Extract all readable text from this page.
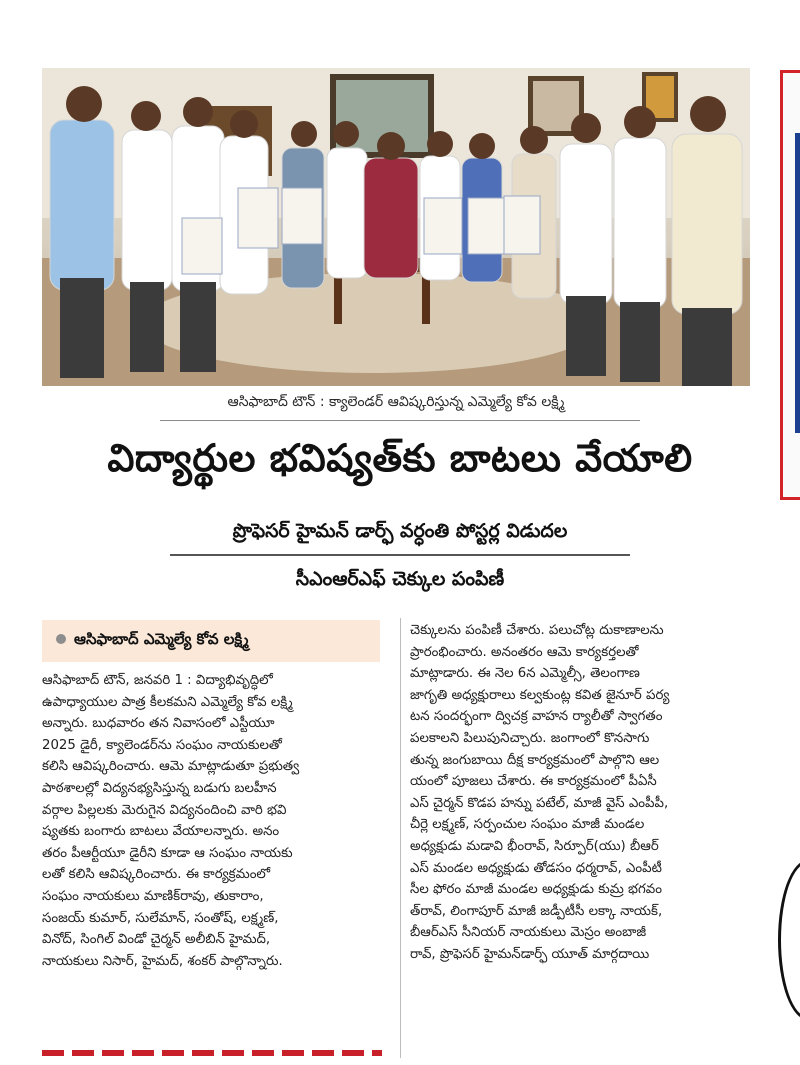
ఆసిఫాబాద్ టౌన్ : క్యాలెండర్ ఆవిష్కరిస్తున్న ఎమ్మెల్యే కోవ లక్ష్మి
విద్యార్థుల భవిష్యత్‌కు బాటలు వేయాలి
ప్రొఫెసర్ హైమన్ డార్ఫ్ వర్ధంతి పోస్టర్ల విడుదల
సీఎంఆర్‌ఎఫ్ చెక్కుల పంపిణీ
ఆసిఫాబాద్ ఎమ్మెల్యే కోవ లక్ష్మి
ఆసిఫాబాద్ టౌన్, జనవరి 1 : విద్యాభివృద్ధిలో
ఉపాధ్యాయుల పాత్ర కీలకమని ఎమ్మెల్యే కోవ లక్ష్మి
అన్నారు. బుధవారం తన నివాసంలో ఎస్టీయూ
2025 డైరీ, క్యాలెండర్‌ను సంఘం నాయకులతో
కలిసి ఆవిష్కరించారు. ఆమె మాట్లాడుతూ ప్రభుత్వ
పాఠశాలల్లో విద్యనభ్యసిస్తున్న బడుగు బలహీన
వర్గాల పిల్లలకు మెరుగైన విద్యనందించి వారి భవి
ష్యతకు బంగారు బాటలు వేయాలన్నారు. అనం
తరం పీఆర్టీయూ డైరీని కూడా ఆ సంఘం నాయకు
లతో కలిసి ఆవిష్కరించారు. ఈ కార్యక్రమంలో
సంఘం నాయకులు మాణిక్‌రావు, తుకారాం,
సంజయ్ కుమార్, సులేమాన్, సంతోష్, లక్ష్మణ్,
వినోద్, సింగిల్ విండో చైర్మన్ అలీబిన్ హైమద్,
నాయకులు నిసార్, హైమద్, శంకర్ పాల్గొన్నారు.
చెక్కులను పంపిణీ చేశారు. పలుచోట్ల దుకాణాలను
ప్రారంభించారు. అనంతరం ఆమె కార్యకర్తలతో
మాట్లాడారు. ఈ నెల 6న ఎమ్మెల్సీ, తెలంగాణ
జాగృతి అధ్యక్షురాలు కల్వకుంట్ల కవిత జైనూర్ పర్య
టన సందర్భంగా ద్విచక్ర వాహన ర్యాలీతో స్వాగతం
పలకాలని పిలుపునిచ్చారు. జంగాంలో కొనసాగు
తున్న జంగుబాయి దీక్ష కార్యక్రమంలో పాల్గొని ఆల
యంలో పూజలు చేశారు. ఈ కార్యక్రమంలో పీఏసీ
ఎస్ చైర్మన్ కొడప హన్ను పటేల్, మాజీ వైస్ ఎంపీపీ,
చీర్లె లక్ష్మణ్, సర్పంచుల సంఘం మాజీ మండల
అధ్యక్షుడు మడావి భీంరావ్, సిర్పూర్(యు) బీఆర్
ఎస్ మండల అధ్యక్షుడు తోడసం ధర్మరావ్, ఎంపీటీ
సీల ఫోరం మాజీ మండల అధ్యక్షుడు కుమ్ర భగవం
త్‌రావ్, లింగాపూర్ మాజీ జడ్పీటీసీ లక్కా నాయక్,
బీఆర్‌ఎస్ సీనియర్ నాయకులు మెస్రం అంబాజీ
రావ్, ప్రొఫెసర్ హైమన్‌డార్ఫ్ యూత్ మార్గదాయి
